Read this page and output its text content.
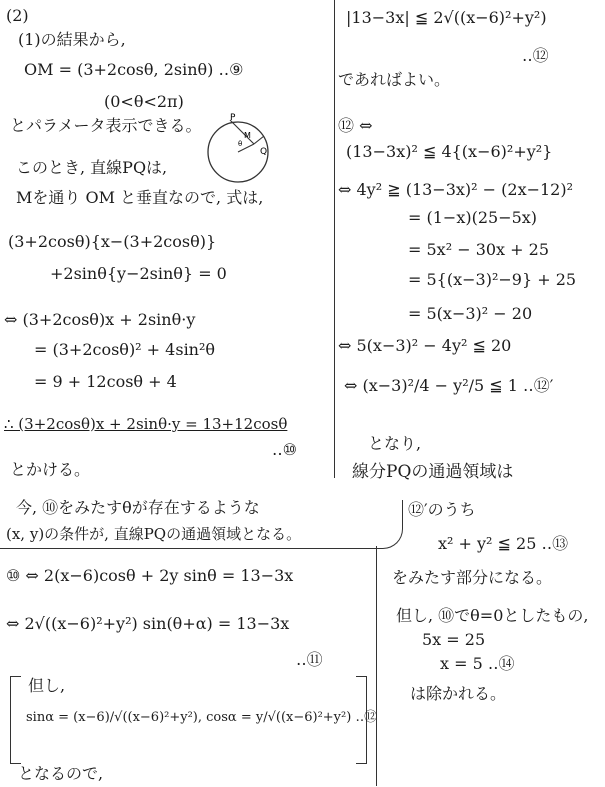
(2)
(1)の結果から,
OM = (3+2cosθ, 2sinθ) ‥⑨
(0<θ<2π)
とパラメータ表示できる。
このとき, 直線PQは,
Mを通り OM と垂直なので, 式は,
(3+2cosθ){x−(3+2cosθ)}
+2sinθ{y−2sinθ} = 0
⇔ (3+2cosθ)x + 2sinθ·y
= (3+2cosθ)² + 4sin²θ
= 9 + 12cosθ + 4
∴ (3+2cosθ)x + 2sinθ·y = 13+12cosθ
‥⑩
とかける。
今, ⑩をみたすθが存在するような
(x, y)の条件が, 直線PQの通過領域となる。
⑩ ⇔ 2(x−6)cosθ + 2y sinθ = 13−3x
⇔ 2√((x−6)²+y²) sin(θ+α) = 13−3x
‥⑪
但し,
sinα = (x−6)/√((x−6)²+y²), cosα = y/√((x−6)²+y²) ‥⑫
となるので,
P
M
Q
θ
|13−3x| ≦ 2√((x−6)²+y²)
‥⑫
であればよい。
⑫ ⇔
(13−3x)² ≦ 4{(x−6)²+y²}
⇔ 4y² ≧ (13−3x)² − (2x−12)²
= (1−x)(25−5x)
= 5x² − 30x + 25
= 5{(x−3)²−9} + 25
= 5(x−3)² − 20
⇔ 5(x−3)² − 4y² ≦ 20
⇔ (x−3)²/4 − y²/5 ≦ 1 ‥⑫′
となり,
線分PQの通過領域は
⑫′のうち
x² + y² ≦ 25 ‥⑬
をみたす部分になる。
但し, ⑩でθ=0としたもの,
5x = 25
x = 5 ‥⑭
は除かれる。
